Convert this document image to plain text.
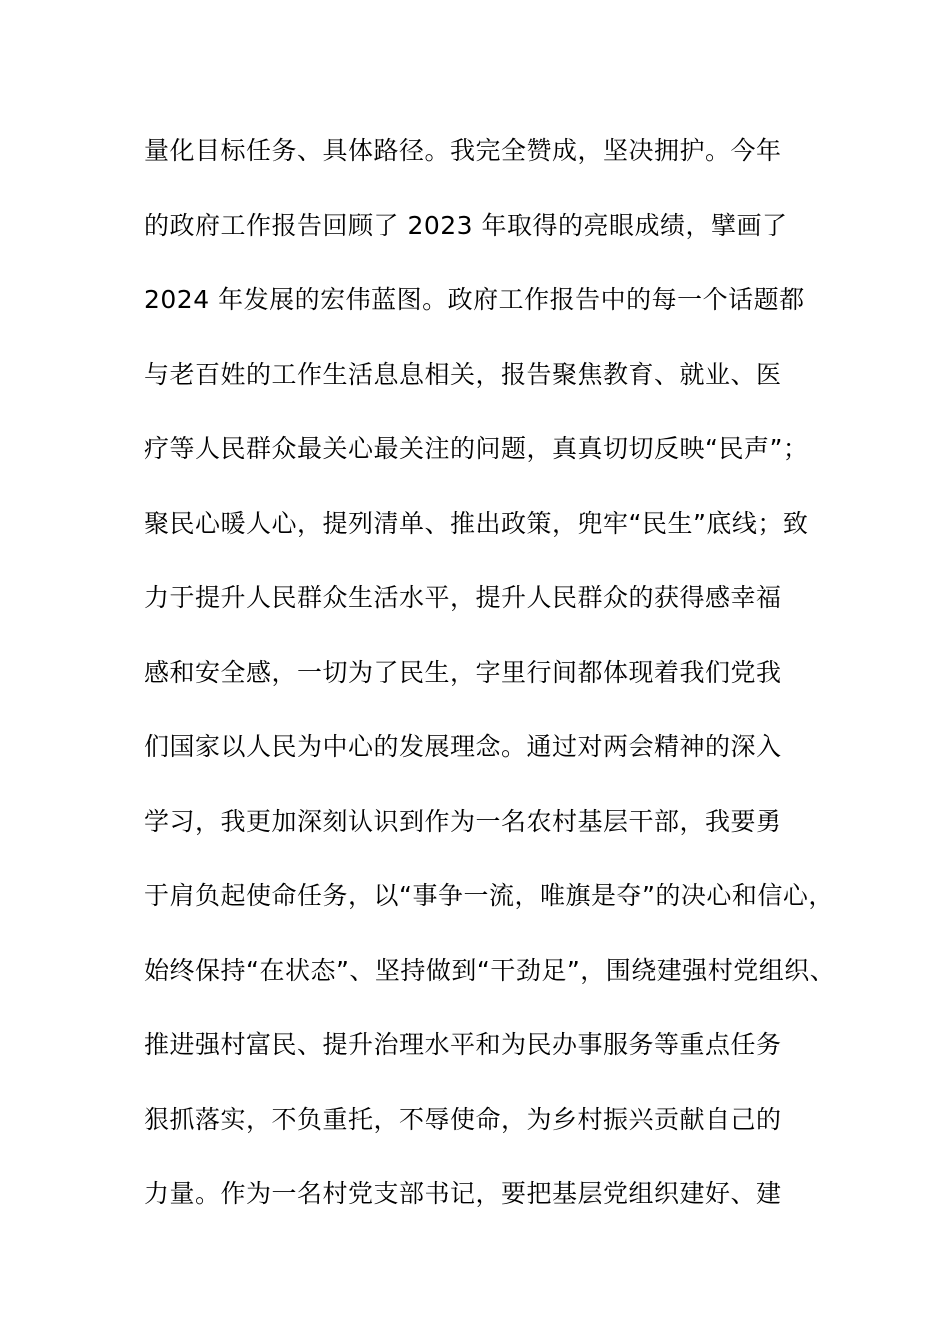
量化目标任务、具体路径。我完全赞成，坚决拥护。今年
的政府工作报告回顾了 2023 年取得的亮眼成绩，擘画了
2024 年发展的宏伟蓝图。政府工作报告中的每一个话题都
与老百姓的工作生活息息相关，报告聚焦教育、就业、医
疗等人民群众最关心最关注的问题，真真切切反映“民声”；
聚民心暖人心，提列清单、推出政策，兜牢“民生”底线；致
力于提升人民群众生活水平，提升人民群众的获得感幸福
感和安全感，一切为了民生，字里行间都体现着我们党我
们国家以人民为中心的发展理念。通过对两会精神的深入
学习，我更加深刻认识到作为一名农村基层干部，我要勇
于肩负起使命任务，以“事争一流，唯旗是夺”的决心和信心，
始终保持“在状态”、坚持做到“干劲足”，围绕建强村党组织、
推进强村富民、提升治理水平和为民办事服务等重点任务
狠抓落实，不负重托，不辱使命，为乡村振兴贡献自己的
力量。作为一名村党支部书记，要把基层党组织建好、建
